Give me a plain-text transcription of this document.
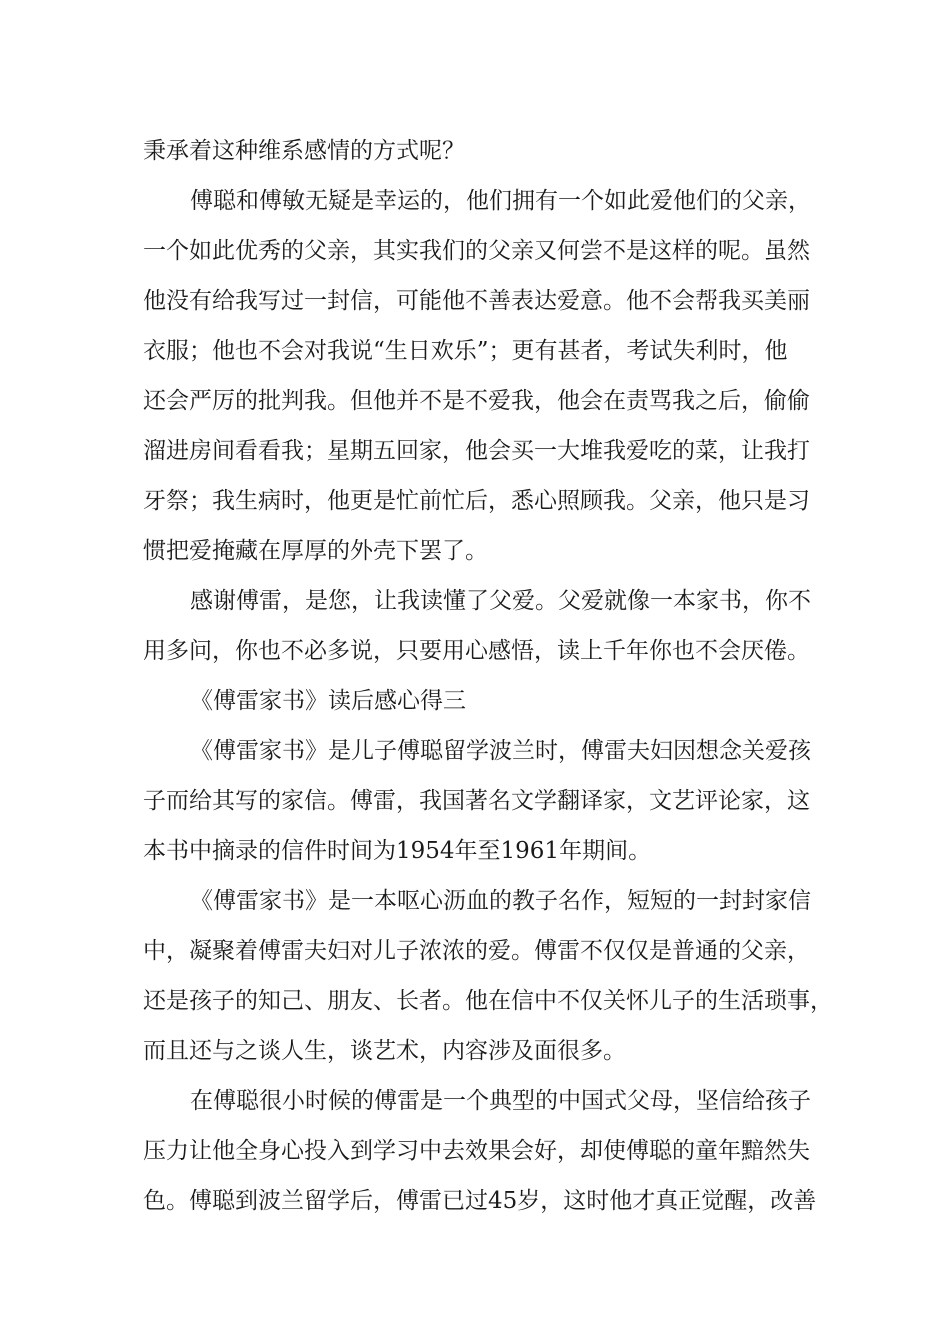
秉承着这种维系感情的方式呢？

傅聪和傅敏无疑是幸运的，他们拥有一个如此爱他们的父亲，

一个如此优秀的父亲，其实我们的父亲又何尝不是这样的呢。虽然

他没有给我写过一封信，可能他不善表达爱意。他不会帮我买美丽

衣服；他也不会对我说“生日欢乐”；更有甚者，考试失利时，他

还会严厉的批判我。但他并不是不爱我，他会在责骂我之后，偷偷

溜进房间看看我；星期五回家，他会买一大堆我爱吃的菜，让我打

牙祭；我生病时，他更是忙前忙后，悉心照顾我。父亲，他只是习

惯把爱掩藏在厚厚的外壳下罢了。

感谢傅雷，是您，让我读懂了父爱。父爱就像一本家书，你不

用多问，你也不必多说，只要用心感悟，读上千年你也不会厌倦。

《傅雷家书》读后感心得三

《傅雷家书》是儿子傅聪留学波兰时，傅雷夫妇因想念关爱孩

子而给其写的家信。傅雷，我国著名文学翻译家，文艺评论家，这

本书中摘录的信件时间为1954年至1961年期间。

《傅雷家书》是一本呕心沥血的教子名作，短短的一封封家信

中，凝聚着傅雷夫妇对儿子浓浓的爱。傅雷不仅仅是普通的父亲，

还是孩子的知己、朋友、长者。他在信中不仅关怀儿子的生活琐事，

而且还与之谈人生，谈艺术，内容涉及面很多。

在傅聪很小时候的傅雷是一个典型的中国式父母，坚信给孩子

压力让他全身心投入到学习中去效果会好，却使傅聪的童年黯然失

色。傅聪到波兰留学后，傅雷已过45岁，这时他才真正觉醒，改善
